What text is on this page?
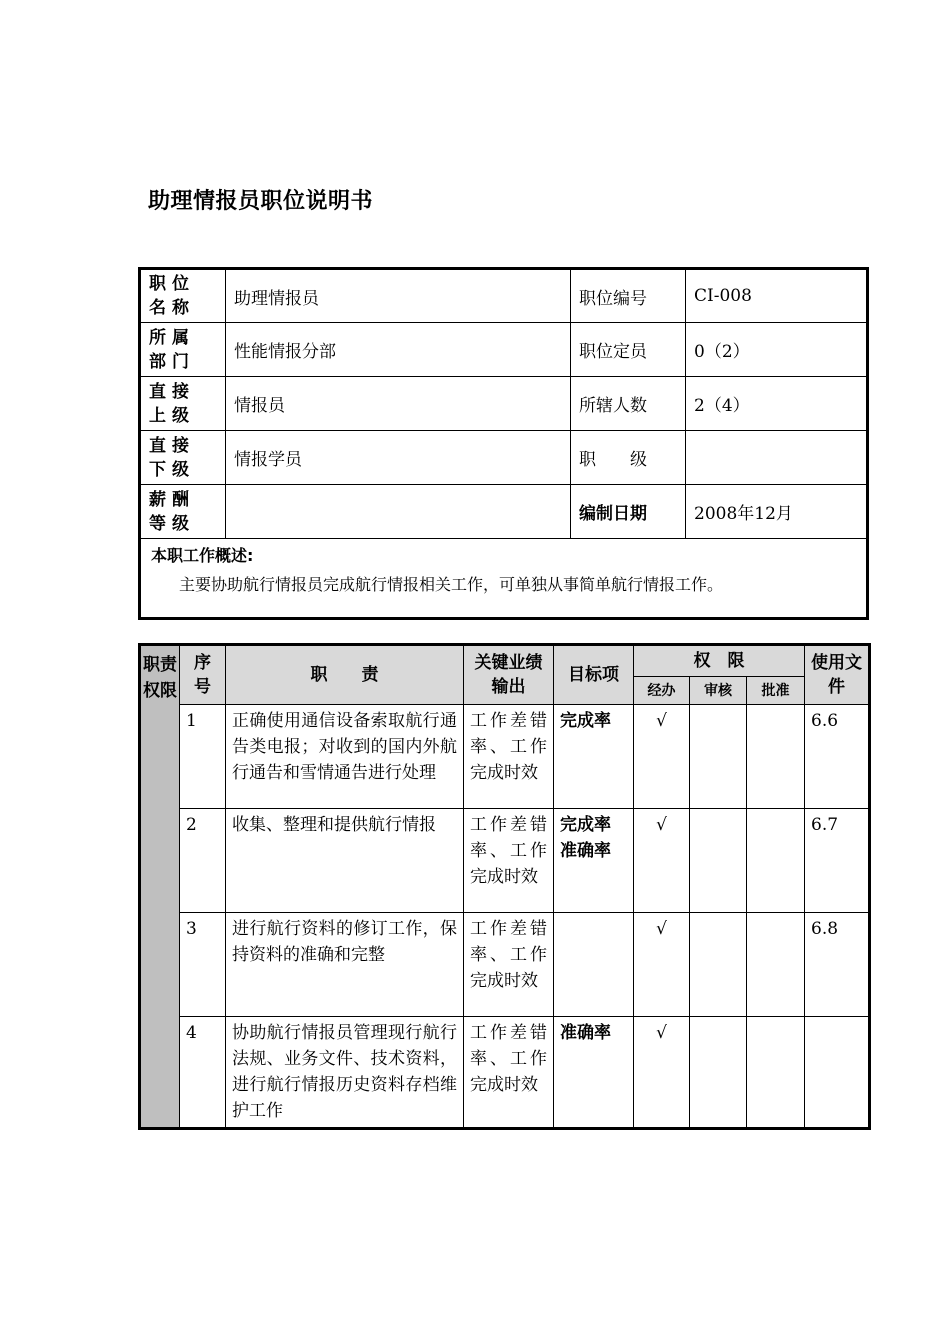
助理情报员职位说明书
职位名称	助理情报员	职位编号	CI-008
所属部门	性能情报分部	职位定员	0（2）
直接上级	情报员	所辖人数	2（4）
直接下级	情报学员	职　　级	
薪酬等级		编制日期	2008年12月

本职工作概述:
主要协助航行情报员完成航行情报相关工作，可单独从事简单航行情报工作。			
职责权限	序号	职　　责	关键业绩输出	目标项	权　限			使用文件
					经办	审核	批准	
	1	正确使用通信设备索取航行通告类电报；对收到的国内外航行通告和雪情通告进行处理	工作差错率、工作完成时效	完成率	√			6.6
	2	收集、整理和提供航行情报	工作差错率、工作完成时效	完成率
准确率	√			6.7
	3	进行航行资料的修订工作，保持资料的准确和完整	工作差错率、工作完成时效		√			6.8
	4	协助航行情报员管理现行航行法规、业务文件、技术资料，进行航行情报历史资料存档维护工作	工作差错率、工作完成时效	准确率	√			
